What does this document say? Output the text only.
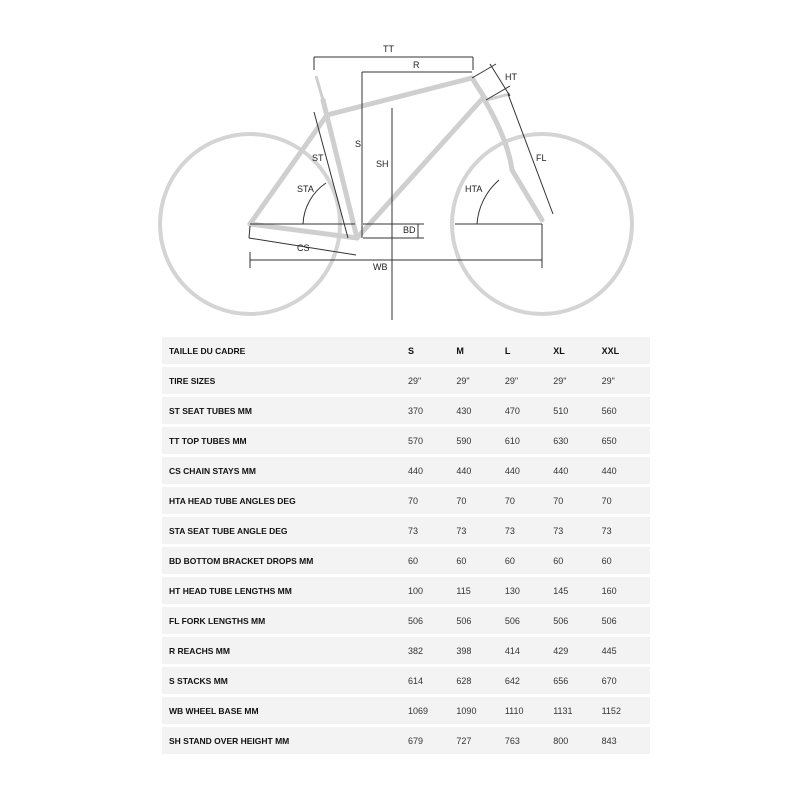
TT
R
HT
S
ST
SH
FL
STA	HTA
BD
CS
WB
TAILLE DU CADRE	S	M	L	XL	XXL
TIRE SIZES	29"	29"	29"	29"	29"
ST SEAT TUBES MM	370	430	470	510	560
TT TOP TUBES MM	570	590	610	630	650
CS CHAIN STAYS MM	440	440	440	440	440
HTA HEAD TUBE ANGLES DEG	70	70	70	70	70
STA SEAT TUBE ANGLE DEG	73	73	73	73	73
BD BOTTOM BRACKET DROPS MM	60	60	60	60	60
HT HEAD TUBE LENGTHS MM	100	115	130	145	160
FL FORK LENGTHS MM	506	506	506	506	506
R REACHS MM	382	398	414	429	445
S STACKS MM	614	628	642	656	670
WB WHEEL BASE MM	1069	1090	1110	1131	1152
SH STAND OVER HEIGHT MM	679	727	763	800	843
